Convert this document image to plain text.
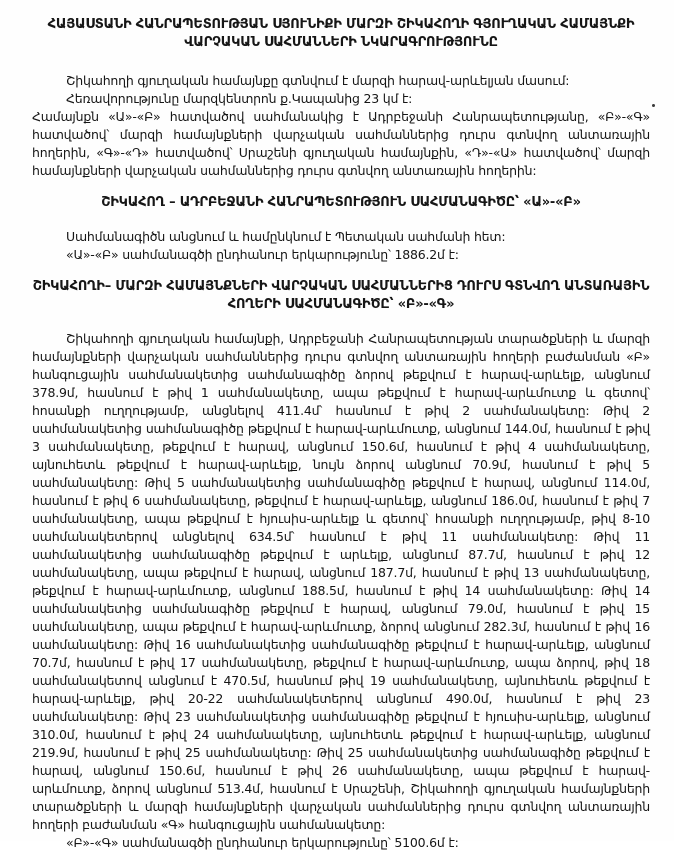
ՀԱՅԱՍՏԱՆԻ ՀԱՆՐԱՊԵՏՈՒԹՅԱՆ ՍՅՈՒՆԻՔԻ ՄԱՐԶԻ ՇԻԿԱՀՈՂԻ ԳՅՈՒՂԱԿԱՆ ՀԱՄԱՅՆՔԻ ՎԱՐՉԱԿԱՆ ՍԱՀՄԱՆՆԵՐԻ ՆԿԱՐԱԳՐՈՒԹՅՈՒՆԸ

Շիկահողի գյուղական համայնքը գտնվում է մարզի հարավ-արևելյան մասում:

Հեռավորությունը մարզկենտրոն ք.Կապանից 23 կմ է:

Համայնքն «Ա»-«Բ» հատվածով սահմանակից է Ադրբեջանի Հանրապետությանը, «Բ»-«Գ» հատվածով՝ մարզի համայնքների վարչական սահմաններից դուրս գտնվող անտառային հողերին, «Գ»-«Դ» հատվածով՝ Սրաշենի գյուղական համայնքին, «Դ»-«Ա» հատվածով՝ մարզի համայնքների վարչական սահմաններից դուրս գտնվող անտառային հողերին:

ՇԻԿԱՀՈՂ – ԱԴՐԲԵՋԱՆԻ ՀԱՆՐԱՊԵՏՈՒԹՅՈՒՆ ՍԱՀՄԱՆԱԳԻԾԸ՝ «Ա»-«Բ»

Սահմանագիծն անցնում և համընկնում է Պետական սահմանի հետ:

«Ա»-«Բ» սահմանագծի ընդհանուր երկարությունը՝ 1886.2մ է:

ՇԻԿԱՀՈՂԻ– ՄԱՐԶԻ ՀԱՄԱՅՆՔՆԵՐԻ ՎԱՐՉԱԿԱՆ ՍԱՀՄԱՆՆԵՐԻՑ ԴՈՒՐՍ ԳՏՆՎՈՂ ԱՆՏԱՌԱՅԻՆ ՀՈՂԵՐԻ ՍԱՀՄԱՆԱԳԻԾԸ՝ «Բ»-«Գ»

Շիկահողի գյուղական համայնքի, Ադրբեջանի Հանրապետության տարածքների և մարզի համայնքների վարչական սահմաններից դուրս գտնվող անտառային հողերի բաժանման «Բ» հանգուցային սահմանակետից սահմանագիծը ձորով թեքվում է հարավ-արևելք, անցնում 378.9մ, հասնում է թիվ 1 սահմանակետը, ապա թեքվում է հարավ-արևմուտք և գետով՝ հոսանքի ուղղությամբ, անցնելով 411.4մ՝ հասնում է թիվ 2 սահմանակետը: Թիվ 2 սահմանակետից սահմանագիծը թեքվում է հարավ-արևմուտք, անցնում 144.0մ, հասնում է թիվ 3 սահմանակետը, թեքվում է հարավ, անցնում 150.6մ, հասնում է թիվ 4 սահմանակետը, այնուհետև թեքվում է հարավ-արևելք, նույն ձորով անցնում 70.9մ, հասնում է թիվ 5 սահմանակետը: Թիվ 5 սահմանակետից սահմանագիծը թեքվում է հարավ, անցնում 114.0մ, հասնում է թիվ 6 սահմանակետը, թեքվում է հարավ-արևելք, անցնում 186.0մ, հասնում է թիվ 7 սահմանակետը, ապա թեքվում է հյուսիս-արևելք և գետով՝ հոսանքի ուղղությամբ, թիվ 8-10 սահմանակետերով անցնելով 634.5մ՝ հասնում է թիվ 11 սահմանակետը: Թիվ 11 սահմանակետից սահմանագիծը թեքվում է արևելք, անցնում 87.7մ, հասնում է թիվ 12 սահմանակետը, ապա թեքվում է հարավ, անցնում 187.7մ, հասնում է թիվ 13 սահմանակետը, թեքվում է հարավ-արևմուտք, անցնում 188.5մ, հասնում է թիվ 14 սահմանակետը: Թիվ 14 սահմանակետից սահմանագիծը թեքվում է հարավ, անցնում 79.0մ, հասնում է թիվ 15 սահմանակետը, ապա թեքվում է հարավ-արևմուտք, ձորով անցնում 282.3մ, հասնում է թիվ 16 սահմանակետը: Թիվ 16 սահմանակետից սահմանագիծը թեքվում է հարավ-արևելք, անցնում 70.7մ, հասնում է թիվ 17 սահմանակետը, թեքվում է հարավ-արևմուտք, ապա ձորով, թիվ 18 սահմանակետով անցնում է 470.5մ, հասնում թիվ 19 սահմանակետը, այնուհետև թեքվում է հարավ-արևելք, թիվ 20-22 սահմանակետերով անցնում 490.0մ, հասնում է թիվ 23 սահմանակետը: Թիվ 23 սահմանակետից սահմանագիծը թեքվում է հյուսիս-արևելք, անցնում 310.0մ, հասնում է թիվ 24 սահմանակետը, այնուհետև թեքվում է հարավ-արևելք, անցնում 219.9մ, հասնում է թիվ 25 սահմանակետը: Թիվ 25 սահմանակետից սահմանագիծը թեքվում է հարավ, անցնում 150.6մ, հասնում է թիվ 26 սահմանակետը, ապա թեքվում է հարավ-արևմուտք, ձորով անցնում 513.4մ, հասնում է Սրաշենի, Շիկահողի գյուղական համայնքների տարածքների և մարզի համայնքների վարչական սահմաններից դուրս գտնվող անտառային հողերի բաժանման «Գ» հանգուցային սահմանակետը:

«Բ»-«Գ» սահմանագծի ընդհանուր երկարությունը՝ 5100.6մ է:
